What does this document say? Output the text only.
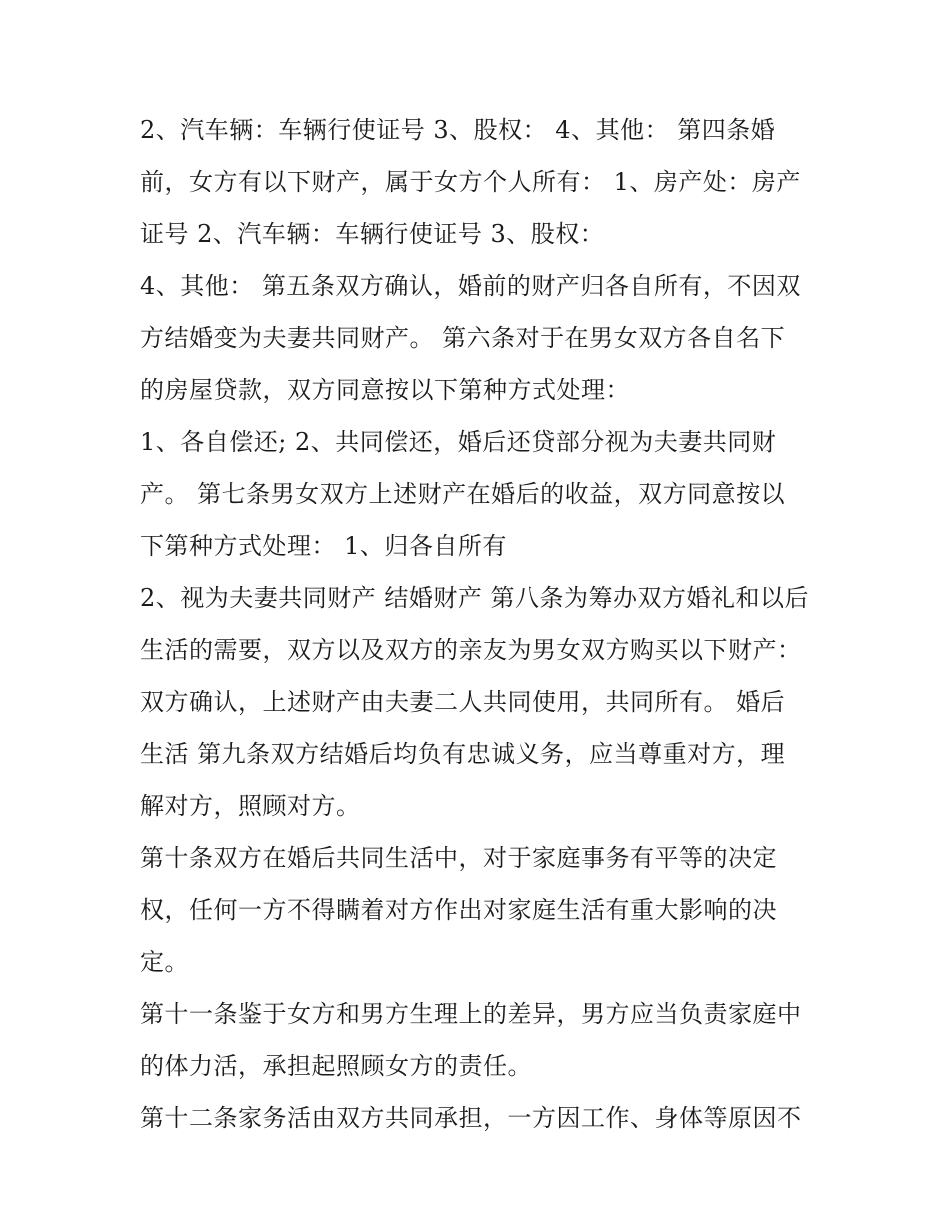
2、汽车辆：车辆行使证号 3、股权： 4、其他： 第四条婚
前，女方有以下财产，属于女方个人所有： 1、房产处：房产
证号 2、汽车辆：车辆行使证号 3、股权：
4、其他： 第五条双方确认，婚前的财产归各自所有，不因双
方结婚变为夫妻共同财产。 第六条对于在男女双方各自名下
的房屋贷款，双方同意按以下第种方式处理：
1、各自偿还; 2、共同偿还，婚后还贷部分视为夫妻共同财
产。 第七条男女双方上述财产在婚后的收益，双方同意按以
下第种方式处理： 1、归各自所有
2、视为夫妻共同财产 结婚财产 第八条为筹办双方婚礼和以后
生活的需要，双方以及双方的亲友为男女双方购买以下财产：
双方确认，上述财产由夫妻二人共同使用，共同所有。 婚后
生活 第九条双方结婚后均负有忠诚义务，应当尊重对方，理
解对方，照顾对方。
第十条双方在婚后共同生活中，对于家庭事务有平等的决定
权，任何一方不得瞒着对方作出对家庭生活有重大影响的决
定。
第十一条鉴于女方和男方生理上的差异，男方应当负责家庭中
的体力活，承担起照顾女方的责任。
第十二条家务活由双方共同承担，一方因工作、身体等原因不
